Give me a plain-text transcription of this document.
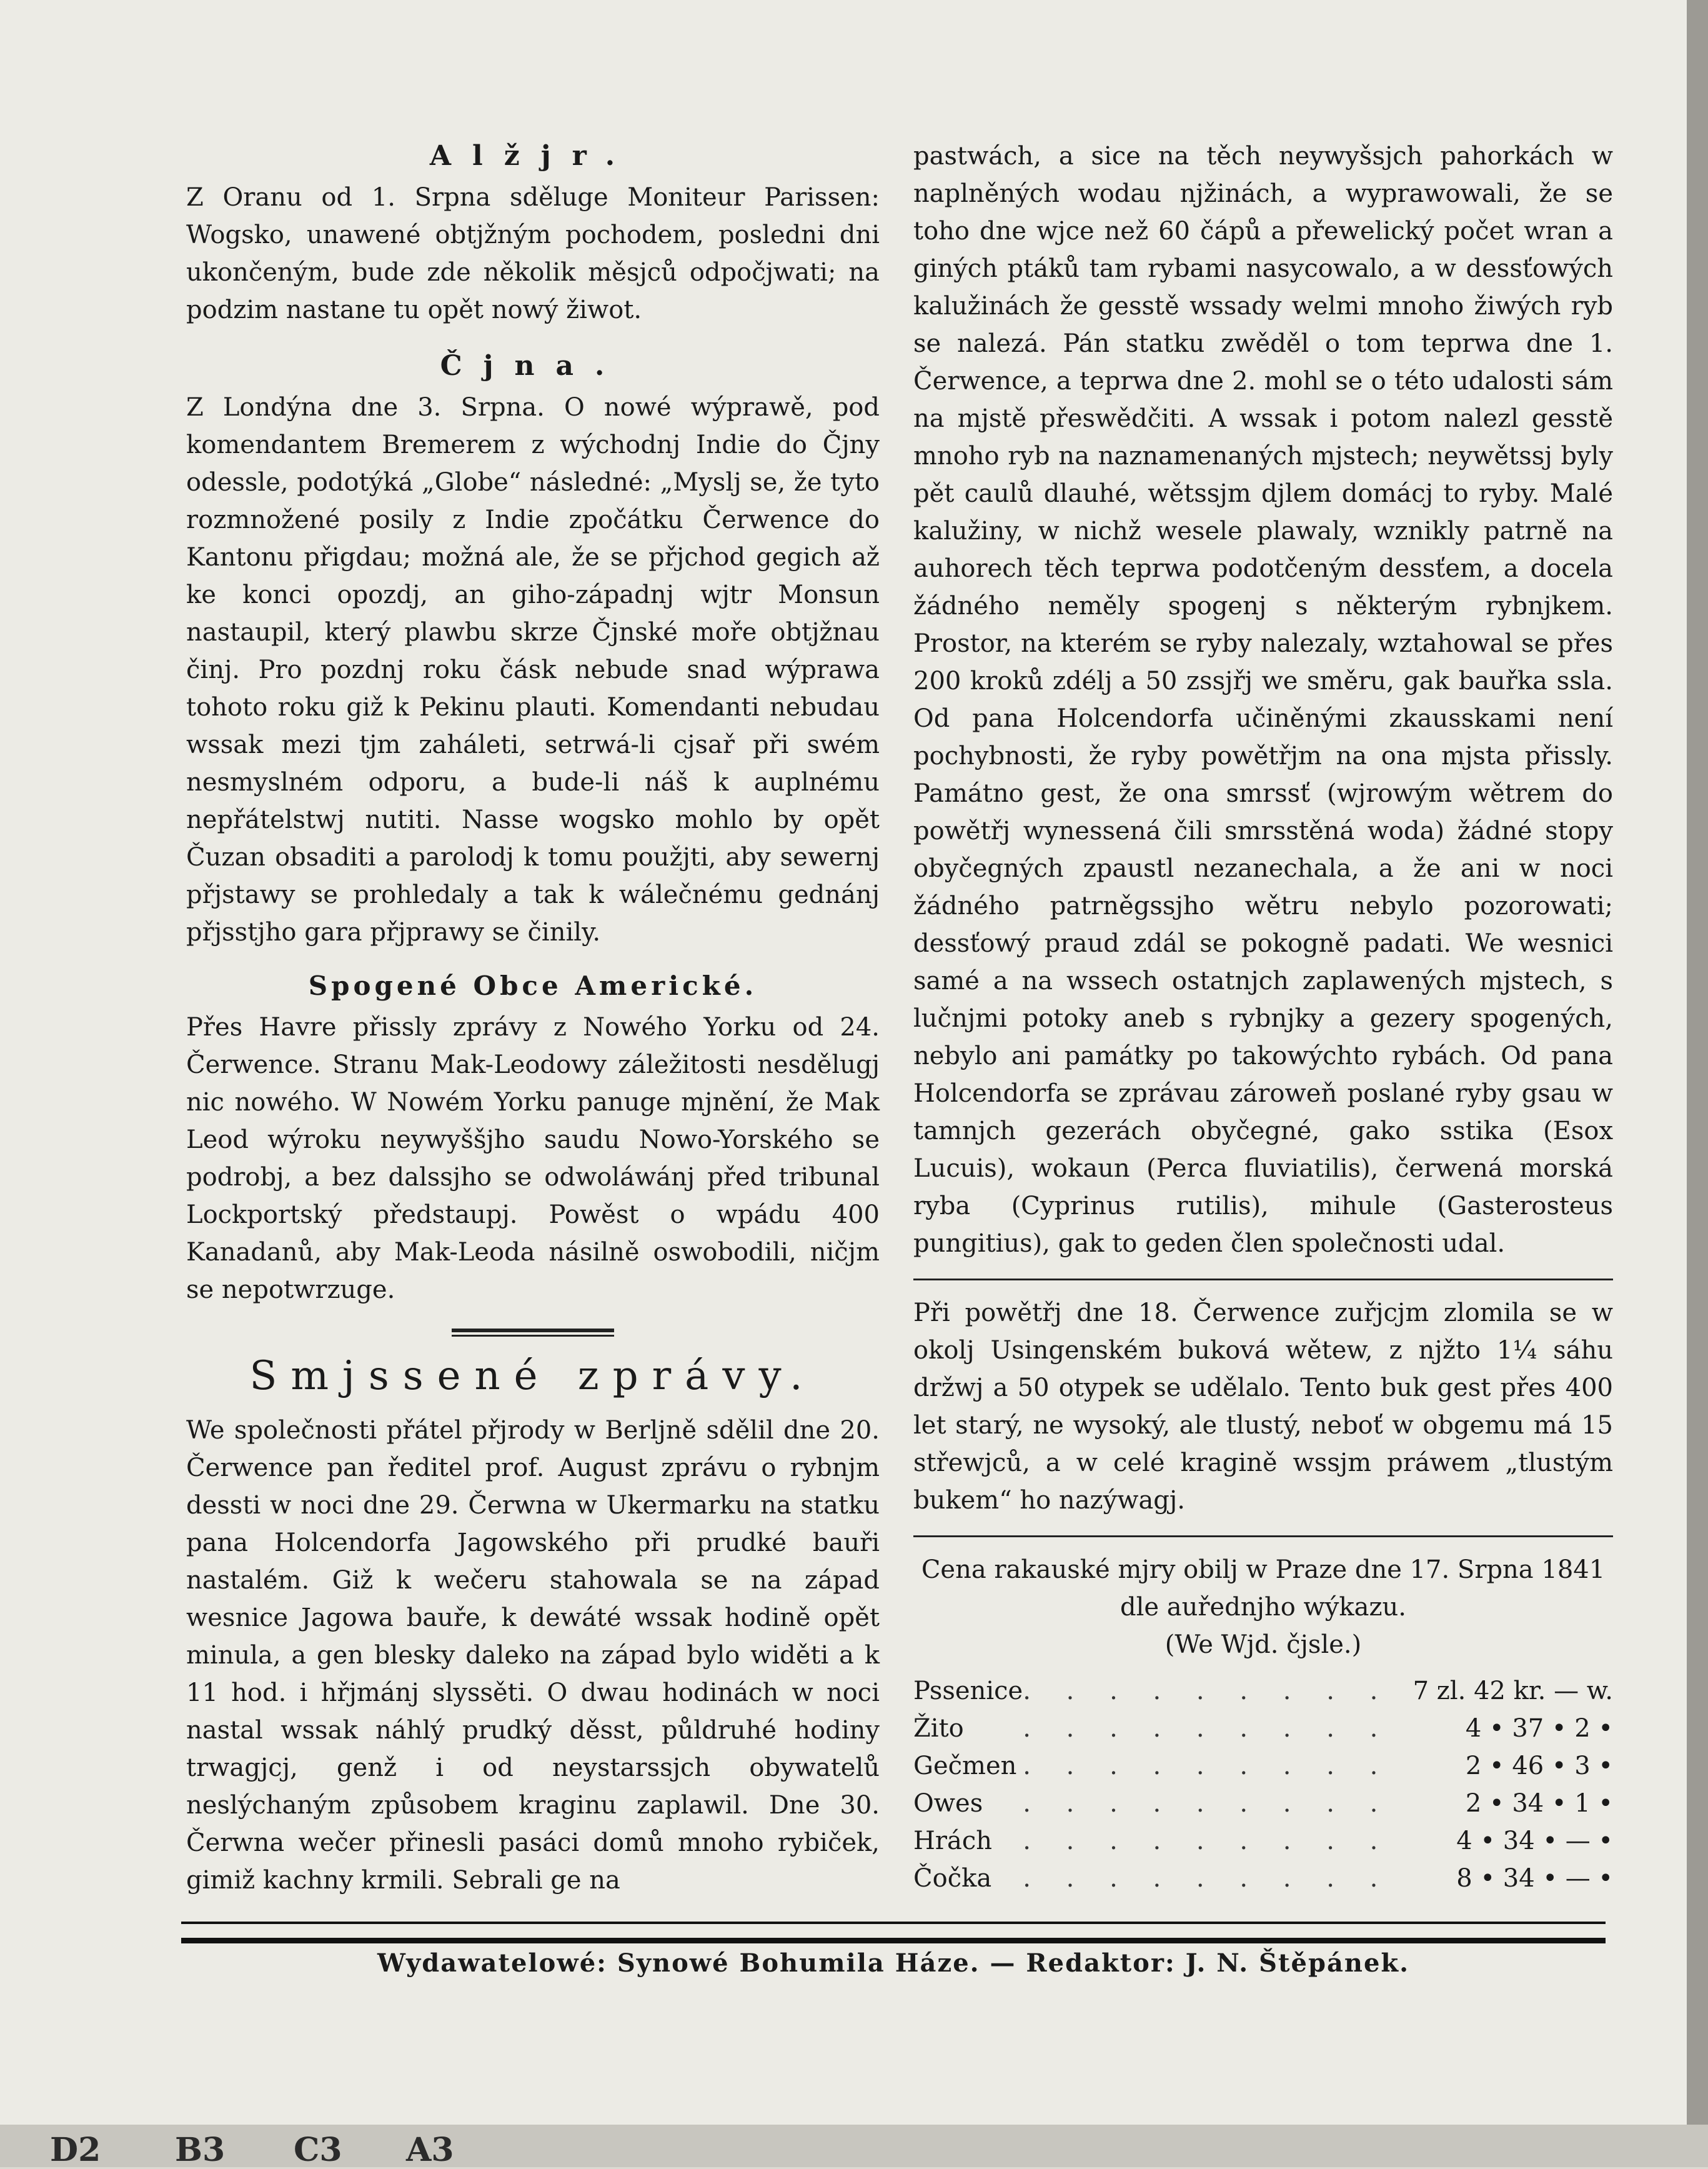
Alžjr.

Z Oranu od 1. Srpna sděluge Moniteur Parissen: Wogsko, unawené obtjžným pochodem, posledni dni ukončeným, bude zde několik měsjců odpočjwati; na podzim nastane tu opět nowý žiwot.

Čjna.

Z Londýna dne 3. Srpna. O nowé wýprawě, pod komendantem Bremerem z wýchodnj Indie do Čjny odessle, podotýká „Globe“ následné: „Myslj se, že tyto rozmnožené posily z Indie zpočátku Čerwence do Kantonu přigdau; možná ale, že se přjchod gegich až ke konci opozdj, an giho-západnj wjtr Monsun nastaupil, který plawbu skrze Čjnské moře obtjžnau činj. Pro pozdnj roku čásk nebude snad wýprawa tohoto roku giž k Pekinu plauti. Komendanti nebudau wssak mezi tjm zaháleti, setrwá-li cjsař při swém nesmyslném odporu, a bude-li náš k auplnému nepřátelstwj nutiti. Nasse wogsko mohlo by opět Čuzan obsaditi a parolodj k tomu použjti, aby sewernj přjstawy se prohledaly a tak k wálečnému gednánj přjsstjho gara přjprawy se činily.

Spogené Obce Americké.

Přes Havre přissly zprávy z Nowého Yorku od 24. Čerwence. Stranu Mak-Leodowy záležitosti nesdělugj nic nowého. W Nowém Yorku panuge mjnění, že Mak Leod wýroku neywyššjho saudu Nowo-Yorského se podrobj, a bez dalssjho se odwoláwánj před tribunal Lockportský předstaupj. Powěst o wpádu 400 Kanadanů, aby Mak-Leoda násilně oswobodili, ničjm se nepotwrzuge.

Smjssené zprávy.

We společnosti přátel přjrody w Berljně sdělil dne 20. Čerwence pan ředitel prof. August zprávu o rybnjm dessti w noci dne 29. Čerwna w Ukermarku na statku pana Holcendorfa Jagowského při prudké bauři nastalém. Giž k wečeru stahowala se na západ wesnice Jagowa bauře, k dewáté wssak hodině opět minula, a gen blesky daleko na západ bylo widěti a k 11 hod. i hřjmánj slyssěti. O dwau hodinách w noci nastal wssak náhlý prudký děsst, půldruhé hodiny trwagjcj, genž i od neystarssjch obywatelů neslýchaným způsobem kraginu zaplawil. Dne 30. Čerwna wečer přinesli pasáci domů mnoho rybiček, gimiž kachny krmili. Sebrali ge na

pastwách, a sice na těch neywyšsjch pahorkách w naplněných wodau njžinách, a wyprawowali, že se toho dne wjce než 60 čápů a přewelický počet wran a giných ptáků tam rybami nasycowalo, a w dessťowých kalužinách že gesstě wssady welmi mnoho žiwých ryb se nalezá. Pán statku zwěděl o tom teprwa dne 1. Čerwence, a teprwa dne 2. mohl se o této udalosti sám na mjstě přeswědčiti. A wssak i potom nalezl gesstě mnoho ryb na naznamenaných mjstech; neywětssj byly pět caulů dlauhé, wětssjm djlem domácj to ryby. Malé kalužiny, w nichž wesele plawaly, wznikly patrně na auhorech těch teprwa podotčeným dessťem, a docela žádného neměly spogenj s některým rybnjkem. Prostor, na kterém se ryby nalezaly, wztahowal se přes 200 kroků zdélj a 50 zssjřj we směru, gak bauřka ssla. Od pana Holcendorfa učiněnými zkausskami není pochybnosti, že ryby powětřjm na ona mjsta přissly. Památno gest, že ona smrssť (wjrowým wětrem do powětřj wynessená čili smrsstěná woda) žádné stopy obyčegných zpaustl nezanechala, a že ani w noci žádného patrněgssjho wětru nebylo pozorowati; dessťowý praud zdál se pokogně padati. We wesnici samé a na wssech ostatnjch zaplawených mjstech, s lučnjmi potoky aneb s rybnjky a gezery spogených, nebylo ani památky po takowýchto rybách. Od pana Holcendorfa se zprávau zároweň poslané ryby gsau w tamnjch gezerách obyčegné, gako sstika (Esox Lucuis), wokaun (Perca fluviatilis), čerwená morská ryba (Cyprinus rutilis), mihule (Gasterosteus pungitius), gak to geden člen společnosti udal.

Při powětřj dne 18. Čerwence zuřjcjm zlomila se w okolj Usingenském buková wětew, z njžto 1¼ sáhu držwj a 50 otypek se udělalo. Tento buk gest přes 400 let starý, ne wysoký, ale tlustý, neboť w obgemu má 15 střewjců, a w celé kragině wssjm práwem „tlustým bukem“ ho nazýwagj.

Cena rakauské mjry obilj w Praze dne 17. Srpna 1841
dle auřednjho wýkazu.
(We Wjd. čjsle.)
Pssenice	. . . . . . . . .	7 zl. 42 kr. — w.
Žito	. . . . . . . . .	4 • 37 • 2 •
Gečmen	. . . . . . . . .	2 • 46 • 3 •
Owes	. . . . . . . . .	2 • 34 • 1 •
Hrách	. . . . . . . . .	4 • 34 • — •
Čočka	. . . . . . . . .	8 • 34 • — •
Wydawatelowé: Synowé Bohumila Háze. — Redaktor: J. N. Štěpánek.
D2 B3 C3 A3
